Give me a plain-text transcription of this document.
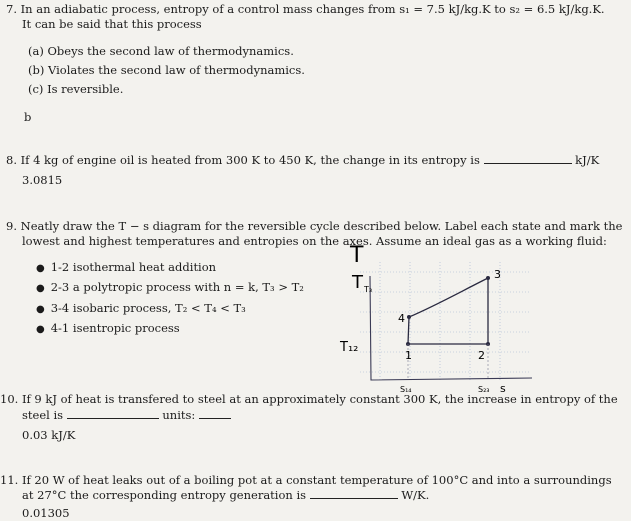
7. In an adiabatic process, entropy of a control mass changes from s₁ = 7.5 kJ/kg.K to s₂ = 6.5 kJ/kg.K.
It can be said that this process
(a) Obeys the second law of thermodynamics.
(b) Violates the second law of thermodynamics.
(c) Is reversible.
b
8. If 4 kg of engine oil is heated from 300 K to 450 K, the change in its entropy is	kJ/K
3.0815
9. Neatly draw the T − s diagram for the reversible cycle described below. Label each state and mark the
lowest and highest temperatures and entropies on the axes. Assume an ideal gas as a working fluid:
● 1-2 isothermal heat addition
● 2-3 a polytropic process with n = k, T₃ > T₂
● 3-4 isobaric process, T₂ < T₄ < T₃
● 4-1 isentropic process
T
T T₃
T₁₂
4
3
1	2
S₁₄	S₂₃ s
10. If 9 kJ of heat is transfered to steel at an approximately constant 300 K, the increase in entropy of the
steel is	units:
0.03 kJ/K
11. If 20 W of heat leaks out of a boiling pot at a constant temperature of 100°C and into a surroundings
at 27°C the corresponding entropy generation is	W/K.
0.01305
